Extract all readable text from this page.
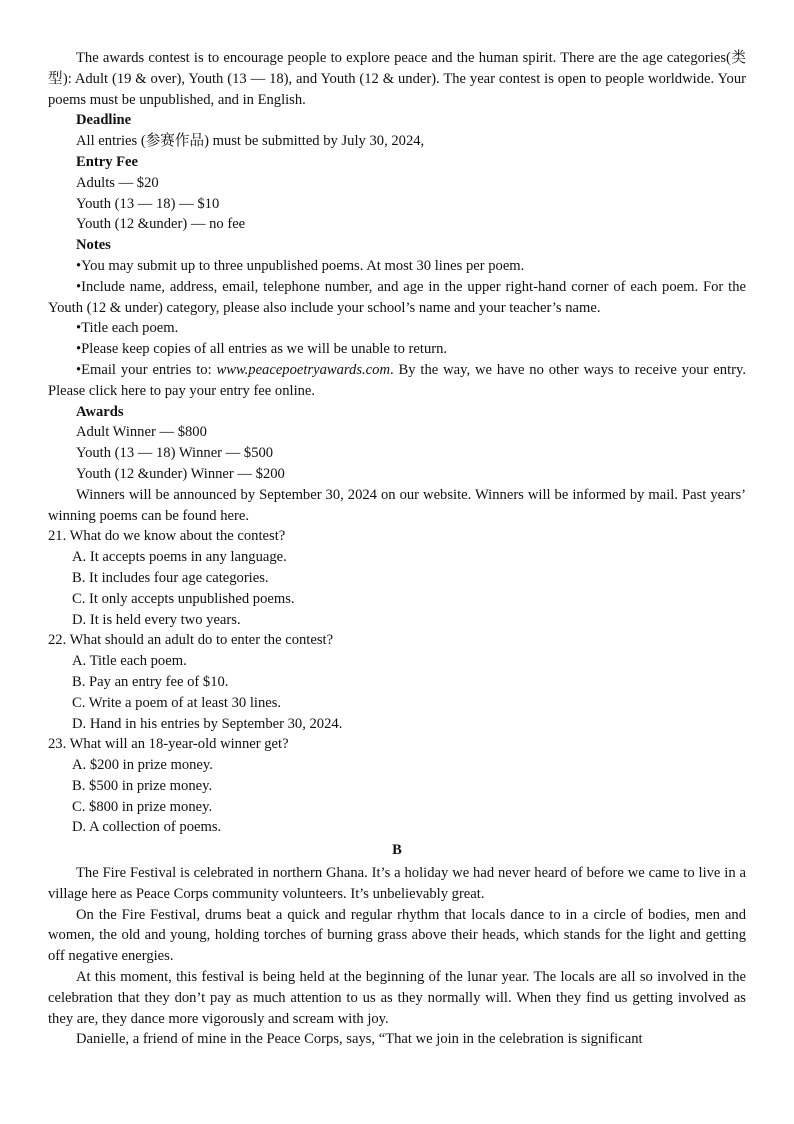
The awards contest is to encourage people to explore peace and the human spirit. There are the age categories(类型): Adult (19 & over), Youth (13 — 18), and Youth (12 & under). The year contest is open to people worldwide. Your poems must be unpublished, and in English.

Deadline

All entries (参赛作品) must be submitted by July 30, 2024,

Entry Fee

Adults — $20

Youth (13 — 18) — $10

Youth (12 &under) — no fee

Notes

•You may submit up to three unpublished poems. At most 30 lines per poem.

•Include name, address, email, telephone number, and age in the upper right-hand corner of each poem. For the Youth (12 & under) category, please also include your school’s name and your teacher’s name.

•Title each poem.

•Please keep copies of all entries as we will be unable to return.

•Email your entries to: www.peacepoetryawards.com. By the way, we have no other ways to receive your entry. Please click here to pay your entry fee online.

Awards

Adult Winner — $800

Youth (13 — 18) Winner — $500

Youth (12 &under) Winner — $200

Winners will be announced by September 30, 2024 on our website. Winners will be informed by mail. Past years’ winning poems can be found here.

21. What do we know about the contest?

A. It accepts poems in any language.

B. It includes four age categories.

C. It only accepts unpublished poems.

D. It is held every two years.

22. What should an adult do to enter the contest?

A. Title each poem.

B. Pay an entry fee of $10.

C. Write a poem of at least 30 lines.

D. Hand in his entries by September 30, 2024.

23. What will an 18-year-old winner get?

A. $200 in prize money.

B. $500 in prize money.

C. $800 in prize money.

D. A collection of poems.

B

The Fire Festival is celebrated in northern Ghana. It’s a holiday we had never heard of before we came to live in a village here as Peace Corps community volunteers. It’s unbelievably great.

On the Fire Festival, drums beat a quick and regular rhythm that locals dance to in a circle of bodies, men and women, the old and young, holding torches of burning grass above their heads, which stands for the light and getting off negative energies.

At this moment, this festival is being held at the beginning of the lunar year. The locals are all so involved in the celebration that they don’t pay as much attention to us as they normally will. When they find us getting involved as they are, they dance more vigorously and scream with joy.

Danielle, a friend of mine in the Peace Corps, says, “That we join in the celebration is significant
